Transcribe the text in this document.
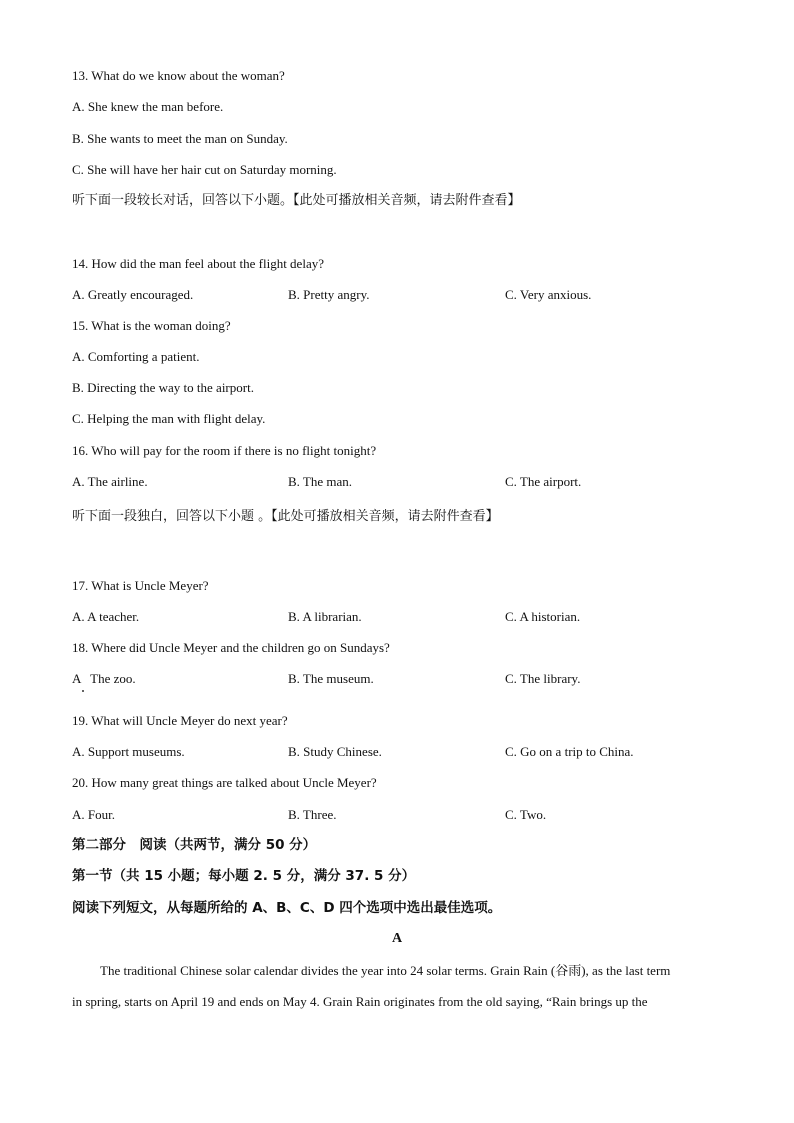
13. What do we know about the woman?
A. She knew the man before.
B. She wants to meet the man on Sunday.
C. She will have her hair cut on Saturday morning.
听下面一段较长对话，回答以下小题。【此处可播放相关音频，请去附件查看】
14. How did the man feel about the flight delay?
A. Greatly encouraged.	B. Pretty angry.	C. Very anxious.
15. What is the woman doing?
A. Comforting a patient.
B. Directing the way to the airport.
C. Helping the man with flight delay.
16. Who will pay for the room if there is no flight tonight?
A. The airline.	B. The man.	C. The airport.
听下面一段独白，回答以下小题 。【此处可播放相关音频，请去附件查看】
17. What is Uncle Meyer?
A. A teacher.	B. A librarian.	C. A historian.
18. Where did Uncle Meyer and the children go on Sundays?
A   The zoo.	B. The museum.	C. The library.
19. What will Uncle Meyer do next year?
A. Support museums.	B. Study Chinese.	C. Go on a trip to China.
20. How many great things are talked about Uncle Meyer?
A. Four.	B. Three.	C. Two.
第二部分　阅读（共两节，满分 50 分）
第一节（共 15 小题；每小题 2. 5 分，满分 37. 5 分）
阅读下列短文，从每题所给的 A、B、C、D 四个选项中选出最佳选项。
A
The traditional Chinese solar calendar divides the year into 24 solar terms. Grain Rain (谷雨), as the last term
in spring, starts on April 19 and ends on May 4. Grain Rain originates from the old saying, “Rain brings up the
